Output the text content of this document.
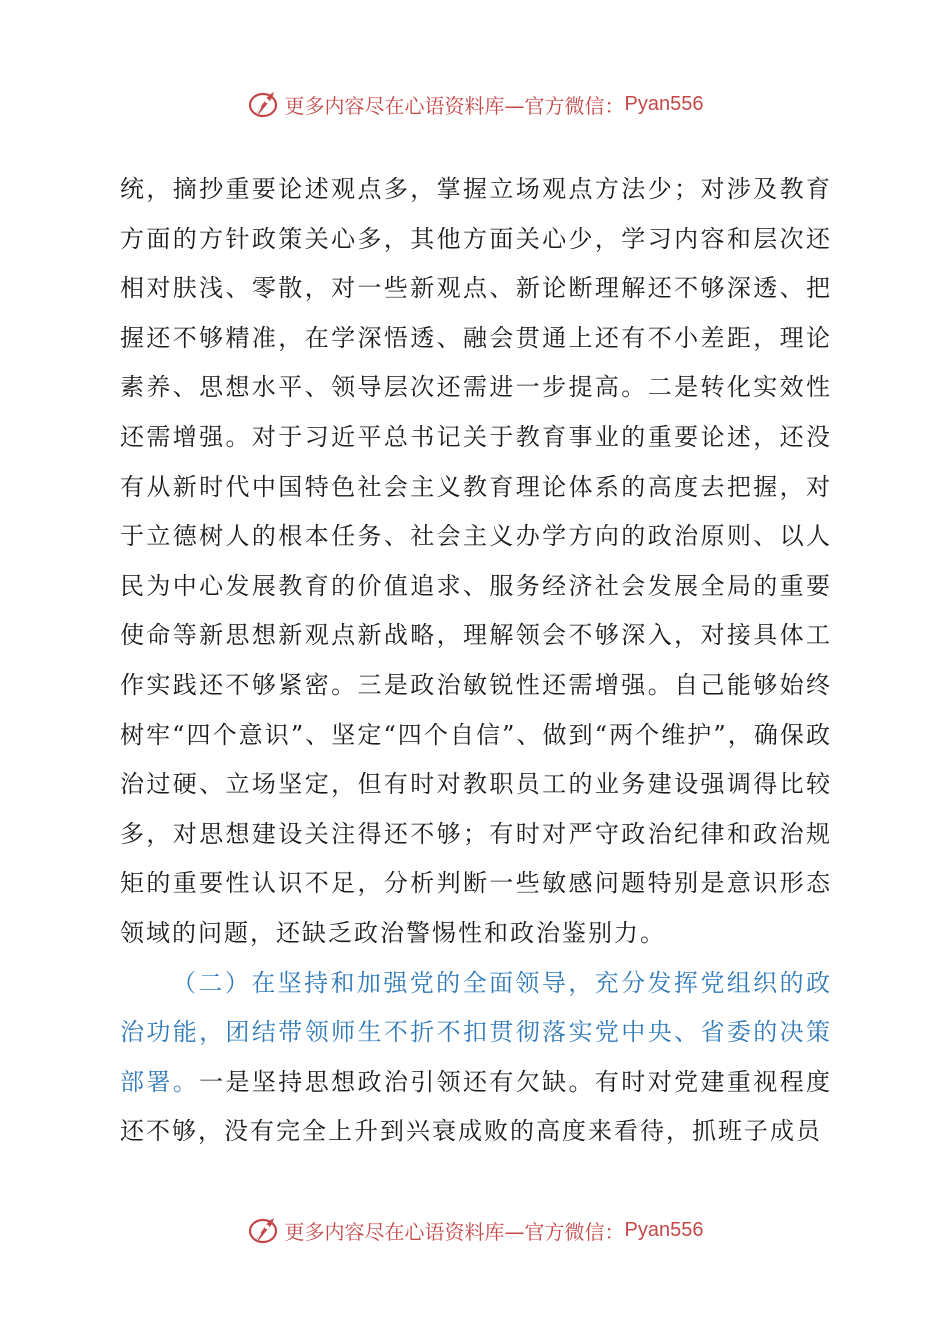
更多内容尽在心语资料库—官方微信： Pyan556

统，摘抄重要论述观点多，掌握立场观点方法少；对涉及教育方面的方针政策关心多，其他方面关心少，学习内容和层次还相对肤浅、零散，对一些新观点、新论断理解还不够深透、把握还不够精准，在学深悟透、融会贯通上还有不小差距，理论素养、思想水平、领导层次还需进一步提高。二是转化实效性还需增强。对于习近平总书记关于教育事业的重要论述，还没有从新时代中国特色社会主义教育理论体系的高度去把握，对于立德树人的根本任务、社会主义办学方向的政治原则、以人民为中心发展教育的价值追求、服务经济社会发展全局的重要使命等新思想新观点新战略，理解领会不够深入，对接具体工作实践还不够紧密。三是政治敏锐性还需增强。自己能够始终树牢“四个意识”、坚定“四个自信”、做到“两个维护”，确保政治过硬、立场坚定，但有时对教职员工的业务建设强调得比较多，对思想建设关注得还不够；有时对严守政治纪律和政治规矩的重要性认识不足，分析判断一些敏感问题特别是意识形态领域的问题，还缺乏政治警惕性和政治鉴别力。

（二）在坚持和加强党的全面领导，充分发挥党组织的政治功能，团结带领师生不折不扣贯彻落实党中央、省委的决策部署。一是坚持思想政治引领还有欠缺。有时对党建重视程度还不够，没有完全上升到兴衰成败的高度来看待，抓班子成员

更多内容尽在心语资料库—官方微信： Pyan556
